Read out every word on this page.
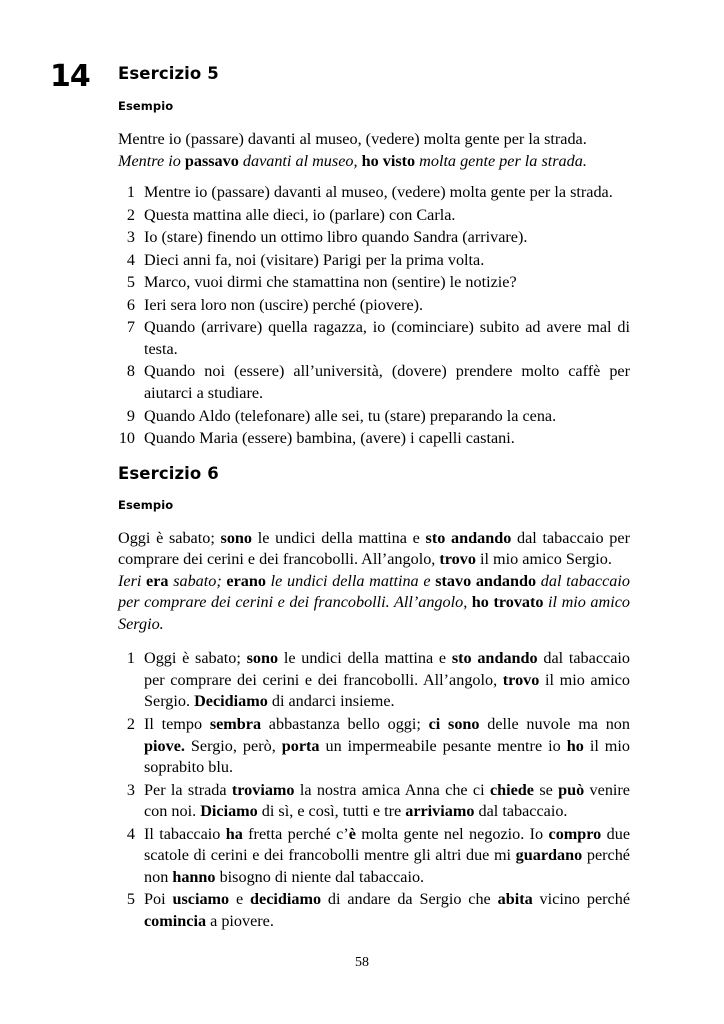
14 Esercizio 5
Esempio
Mentre io (passare) davanti al museo, (vedere) molta gente per la strada.
Mentre io passavo davanti al museo, ho visto molta gente per la strada.
1 Mentre io (passare) davanti al museo, (vedere) molta gente per la strada.
2 Questa mattina alle dieci, io (parlare) con Carla.
3 Io (stare) finendo un ottimo libro quando Sandra (arrivare).
4 Dieci anni fa, noi (visitare) Parigi per la prima volta.
5 Marco, vuoi dirmi che stamattina non (sentire) le notizie?
6 Ieri sera loro non (uscire) perché (piovere).
7 Quando (arrivare) quella ragazza, io (cominciare) subito ad avere mal di testa.
8 Quando noi (essere) all’università, (dovere) prendere molto caffè per aiutarci a studiare.
9 Quando Aldo (telefonare) alle sei, tu (stare) preparando la cena.
10 Quando Maria (essere) bambina, (avere) i capelli castani.
Esercizio 6
Esempio
Oggi è sabato; sono le undici della mattina e sto andando dal tabaccaio per comprare dei cerini e dei francobolli. All’angolo, trovo il mio amico Sergio.
Ieri era sabato; erano le undici della mattina e stavo andando dal tabaccaio per comprare dei cerini e dei francobolli. All’angolo, ho trovato il mio amico Sergio.
1 Oggi è sabato; sono le undici della mattina e sto andando dal tabaccaio per comprare dei cerini e dei francobolli. All’angolo, trovo il mio amico Sergio. Decidiamo di andarci insieme.
2 Il tempo sembra abbastanza bello oggi; ci sono delle nuvole ma non piove. Sergio, però, porta un impermeabile pesante mentre io ho il mio soprabito blu.
3 Per la strada troviamo la nostra amica Anna che ci chiede se può venire con noi. Diciamo di sì, e così, tutti e tre arriviamo dal tabaccaio.
4 Il tabaccaio ha fretta perché c’è molta gente nel negozio. Io compro due scatole di cerini e dei francobolli mentre gli altri due mi guardano perché non hanno bisogno di niente dal tabaccaio.
5 Poi usciamo e decidiamo di andare da Sergio che abita vicino perché comincia a piovere.
58
